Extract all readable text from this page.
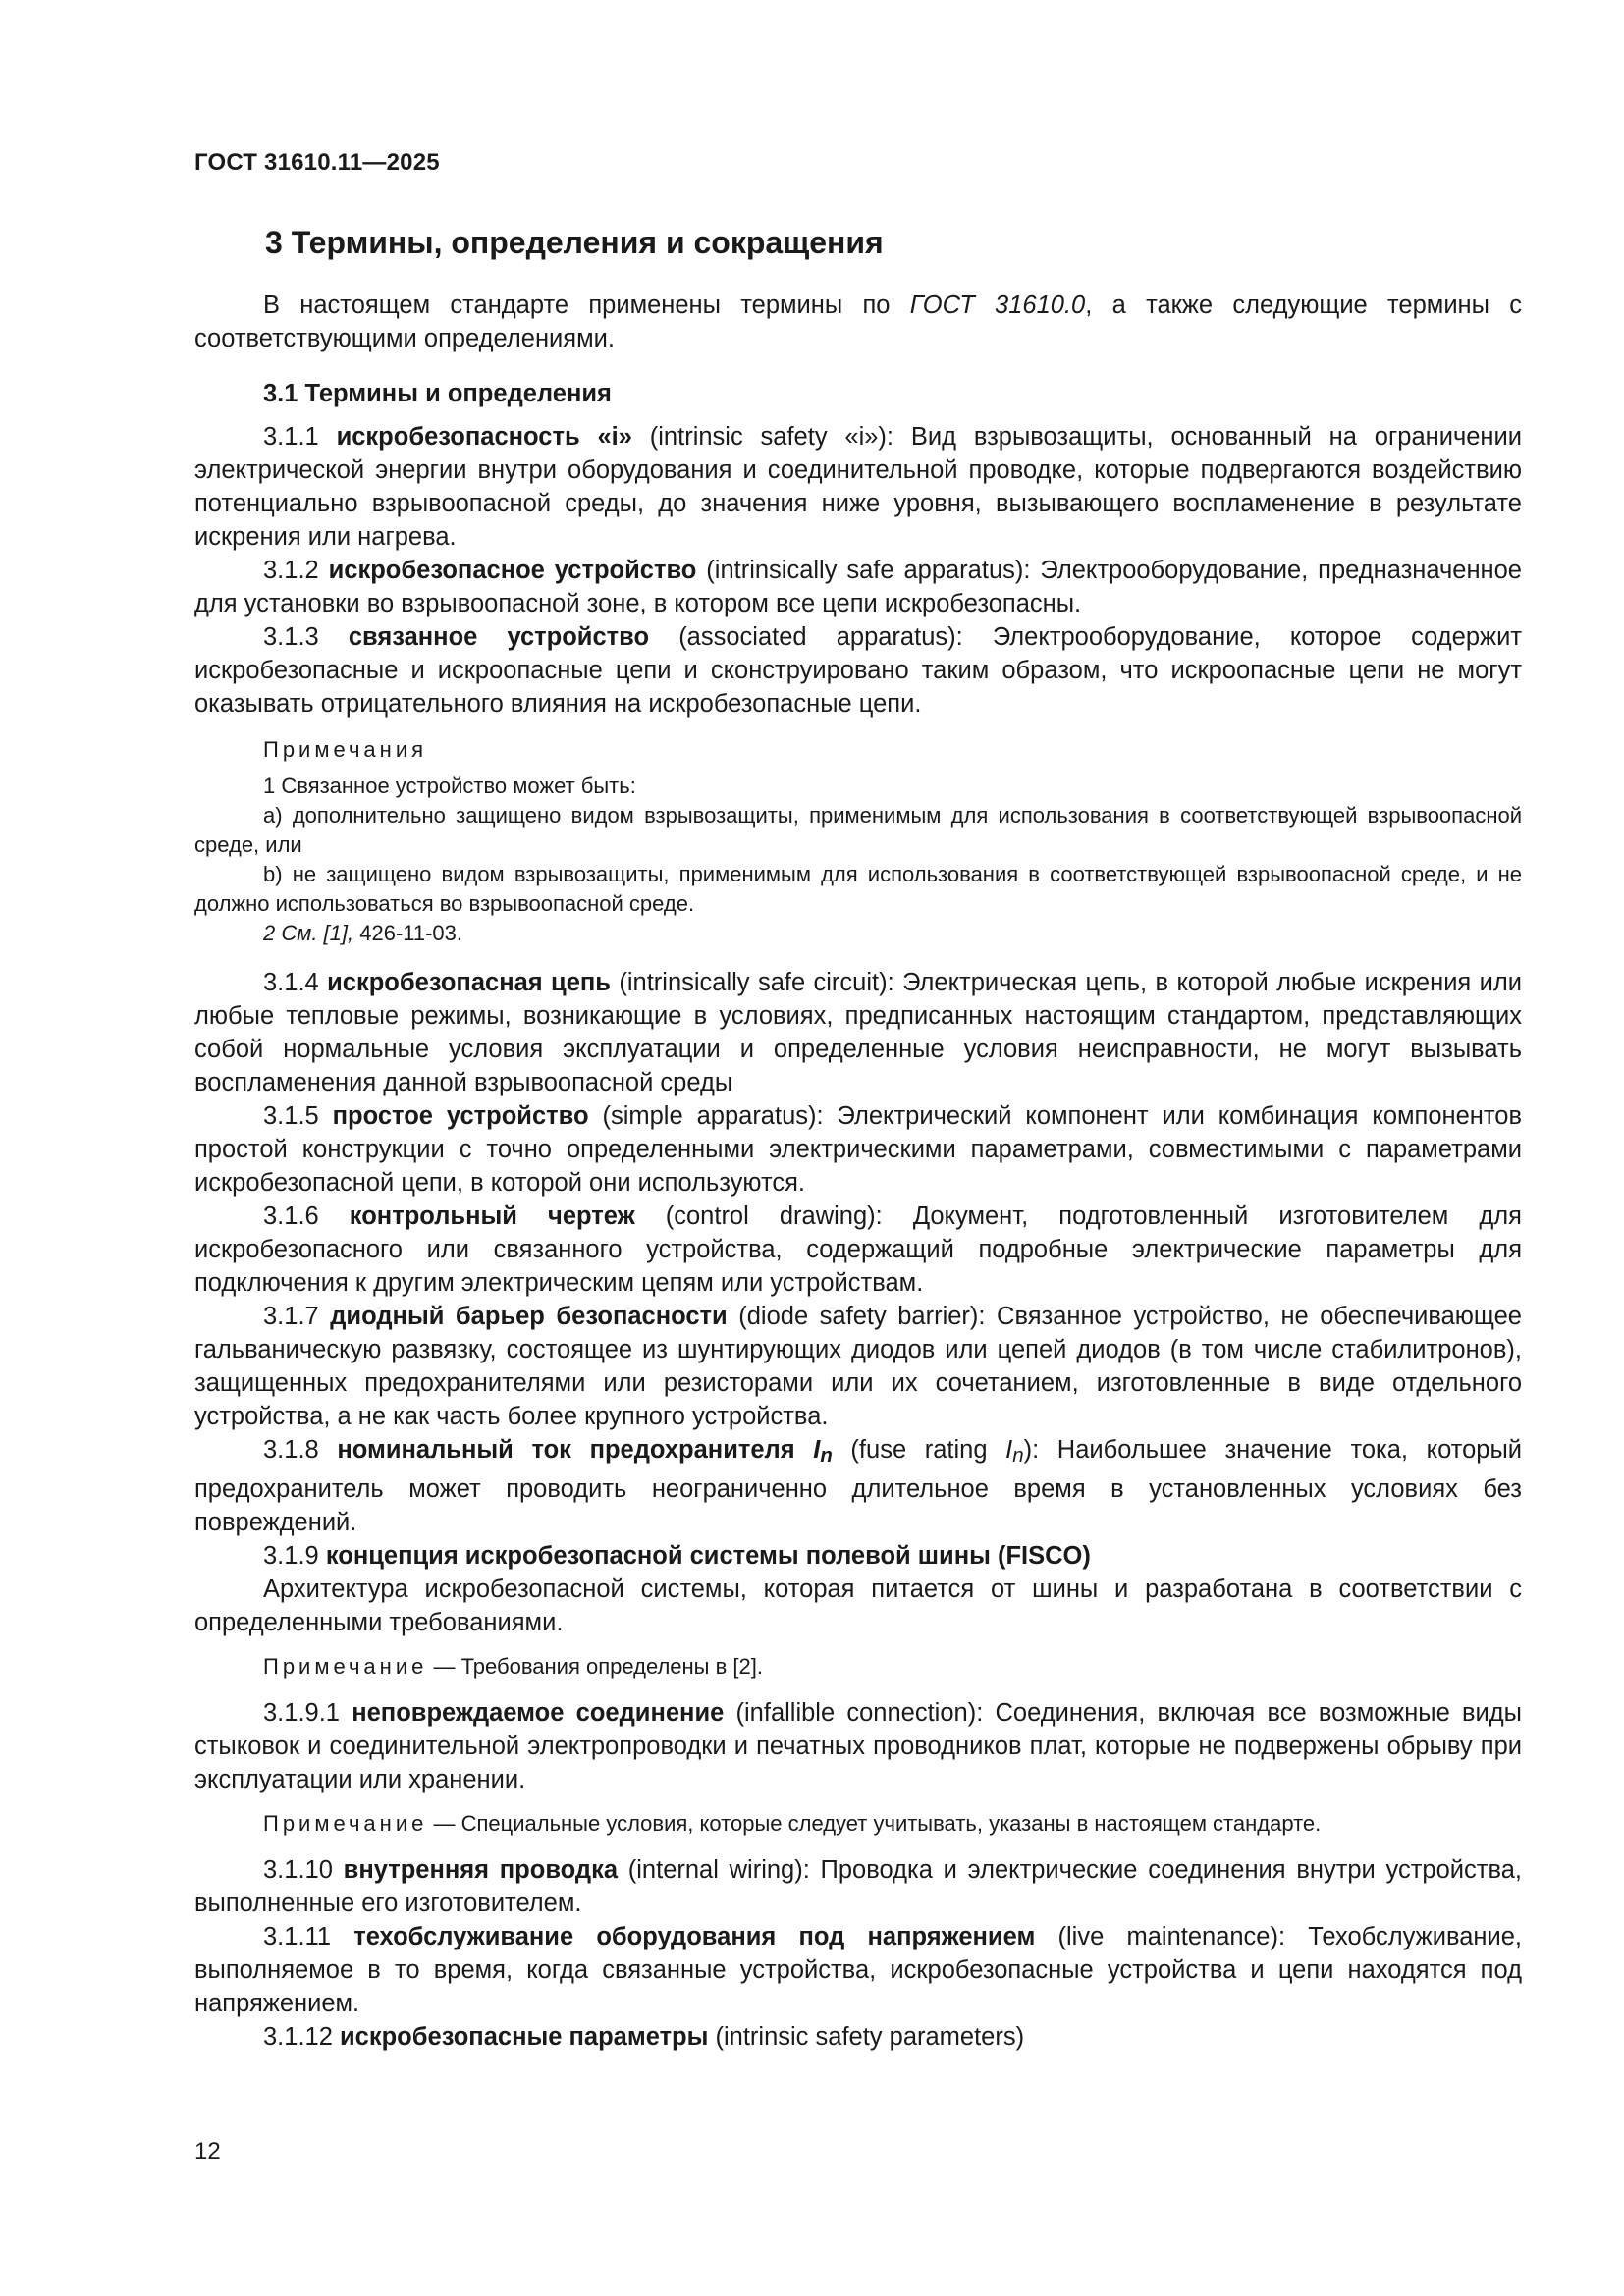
ГОСТ 31610.11—2025
3 Термины, определения и сокращения

В настоящем стандарте применены термины по ГОСТ 31610.0, а также следующие термины с соответствующими определениями.

3.1 Термины и определения

3.1.1 искробезопасность «i» (intrinsic safety «i»): Вид взрывозащиты, основанный на ограничении электрической энергии внутри оборудования и соединительной проводке, которые подвергаются воздействию потенциально взрывоопасной среды, до значения ниже уровня, вызывающего воспламенение в результате искрения или нагрева.

3.1.2 искробезопасное устройство (intrinsically safe apparatus): Электрооборудование, предназначенное для установки во взрывоопасной зоне, в котором все цепи искробезопасны.

3.1.3 связанное устройство (associated apparatus): Электрооборудование, которое содержит искробезопасные и искроопасные цепи и сконструировано таким образом, что искроопасные цепи не могут оказывать отрицательного влияния на искробезопасные цепи.

Примечания

1 Связанное устройство может быть:

а) дополнительно защищено видом взрывозащиты, применимым для использования в соответствующей взрывоопасной среде, или

b) не защищено видом взрывозащиты, применимым для использования в соответствующей взрывоопасной среде, и не должно использоваться во взрывоопасной среде.

2 См. [1], 426-11-03.

3.1.4 искробезопасная цепь (intrinsically safe circuit): Электрическая цепь, в которой любые искрения или любые тепловые режимы, возникающие в условиях, предписанных настоящим стандартом, представляющих собой нормальные условия эксплуатации и определенные условия неисправности, не могут вызывать воспламенения данной взрывоопасной среды

3.1.5 простое устройство (simple apparatus): Электрический компонент или комбинация компонентов простой конструкции с точно определенными электрическими параметрами, совместимыми с параметрами искробезопасной цепи, в которой они используются.

3.1.6 контрольный чертеж (control drawing): Документ, подготовленный изготовителем для искробезопасного или связанного устройства, содержащий подробные электрические параметры для подключения к другим электрическим цепям или устройствам.

3.1.7 диодный барьер безопасности (diode safety barrier): Связанное устройство, не обеспечивающее гальваническую развязку, состоящее из шунтирующих диодов или цепей диодов (в том числе стабилитронов), защищенных предохранителями или резисторами или их сочетанием, изготовленные в виде отдельного устройства, а не как часть более крупного устройства.

3.1.8 номинальный ток предохранителя In (fuse rating In): Наибольшее значение тока, который предохранитель может проводить неограниченно длительное время в установленных условиях без повреждений.

3.1.9 концепция искробезопасной системы полевой шины (FISCO)

Архитектура искробезопасной системы, которая питается от шины и разработана в соответствии с определенными требованиями.

Примечание — Требования определены в [2].

3.1.9.1 неповреждаемое соединение (infallible connection): Соединения, включая все возможные виды стыковок и соединительной электропроводки и печатных проводников плат, которые не подвержены обрыву при эксплуатации или хранении.

Примечание — Специальные условия, которые следует учитывать, указаны в настоящем стандарте.

3.1.10 внутренняя проводка (internal wiring): Проводка и электрические соединения внутри устройства, выполненные его изготовителем.

3.1.11 техобслуживание оборудования под напряжением (live maintenance): Техобслуживание, выполняемое в то время, когда связанные устройства, искробезопасные устройства и цепи находятся под напряжением.

3.1.12 искробезопасные параметры (intrinsic safety parameters)

12
